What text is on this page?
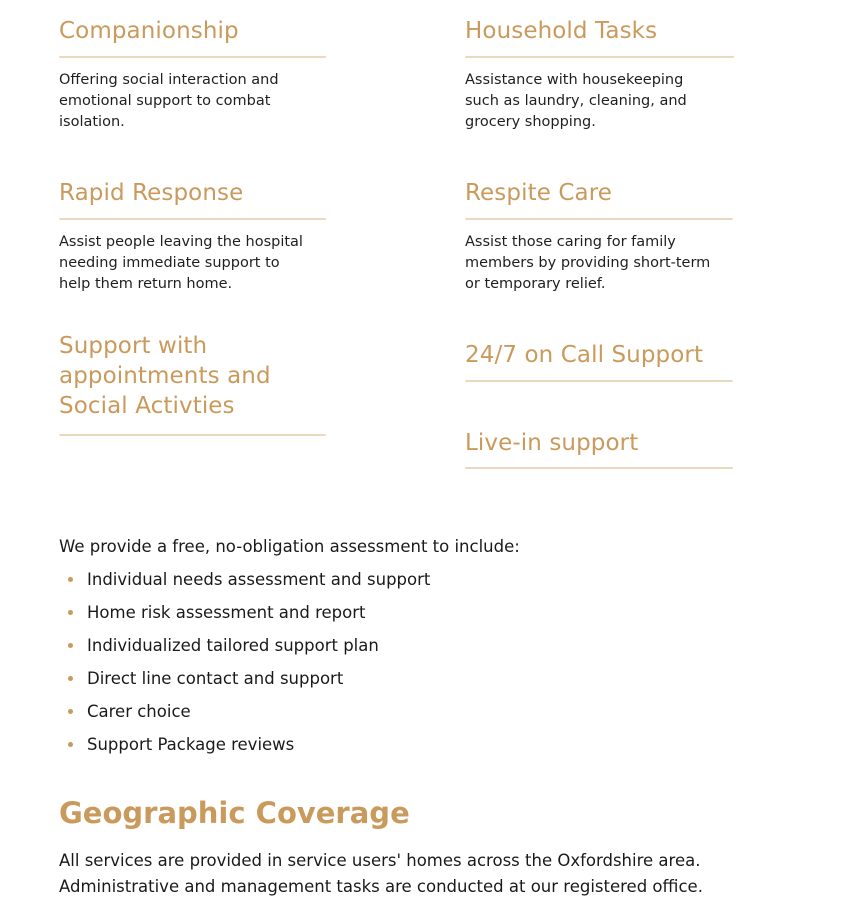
Companionship

Offering social interaction and
emotional support to combat
isolation.

Household Tasks

Assistance with housekeeping
such as laundry, cleaning, and
grocery shopping.

Rapid Response

Assist people leaving the hospital
needing immediate support to
help them return home.

Respite Care

Assist those caring for family
members by providing short-term
or temporary relief.

Support with
appointments and
Social Activties
24/7 on Call Support
Live-in support

We provide a free, no-obligation assessment to include:

Individual needs assessment and support
Home risk assessment and report
Individualized tailored support plan
Direct line contact and support
Carer choice
Support Package reviews
Geographic Coverage

All services are provided in service users' homes across the Oxfordshire area.
Administrative and management tasks are conducted at our registered office.
